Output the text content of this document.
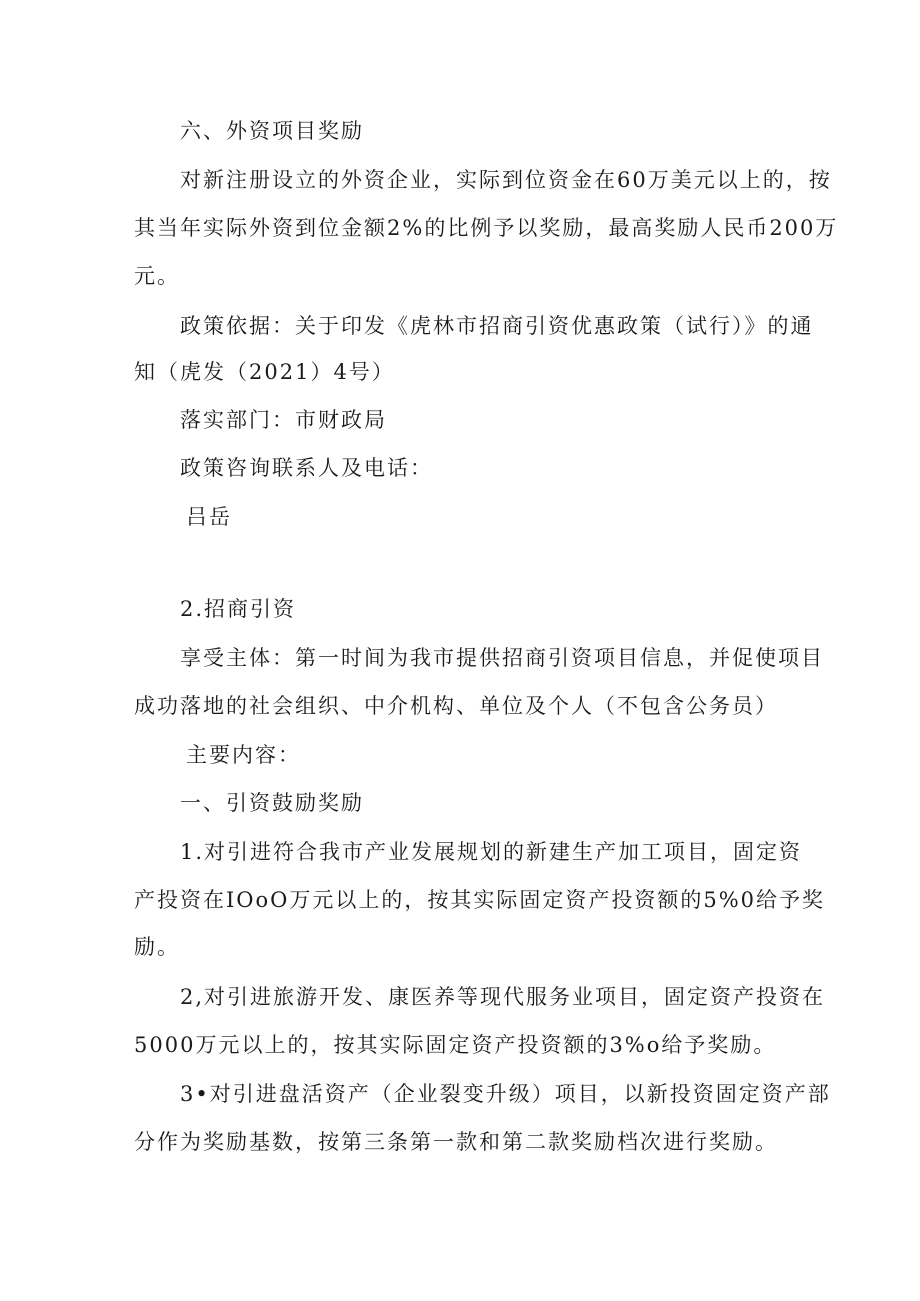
六、外资项目奖励
对新注册设立的外资企业，实际到位资金在60万美元以上的，按
其当年实际外资到位金额2%的比例予以奖励，最高奖励人民币200万
元。
政策依据：关于印发《虎林市招商引资优惠政策（试行）》的通
知（虎发（2021）4号）
落实部门：市财政局
政策咨询联系人及电话：
吕岳
2.招商引资
享受主体：第一时间为我市提供招商引资项目信息，并促使项目
成功落地的社会组织、中介机构、单位及个人（不包含公务员）
主要内容：
一、引资鼓励奖励
1.对引进符合我市产业发展规划的新建生产加工项目，固定资
产投资在IOoO万元以上的，按其实际固定资产投资额的5%0给予奖
励。
2,对引进旅游开发、康医养等现代服务业项目，固定资产投资在
5000万元以上的，按其实际固定资产投资额的3%o给予奖励。
3•对引进盘活资产（企业裂变升级）项目，以新投资固定资产部
分作为奖励基数，按第三条第一款和第二款奖励档次进行奖励。
